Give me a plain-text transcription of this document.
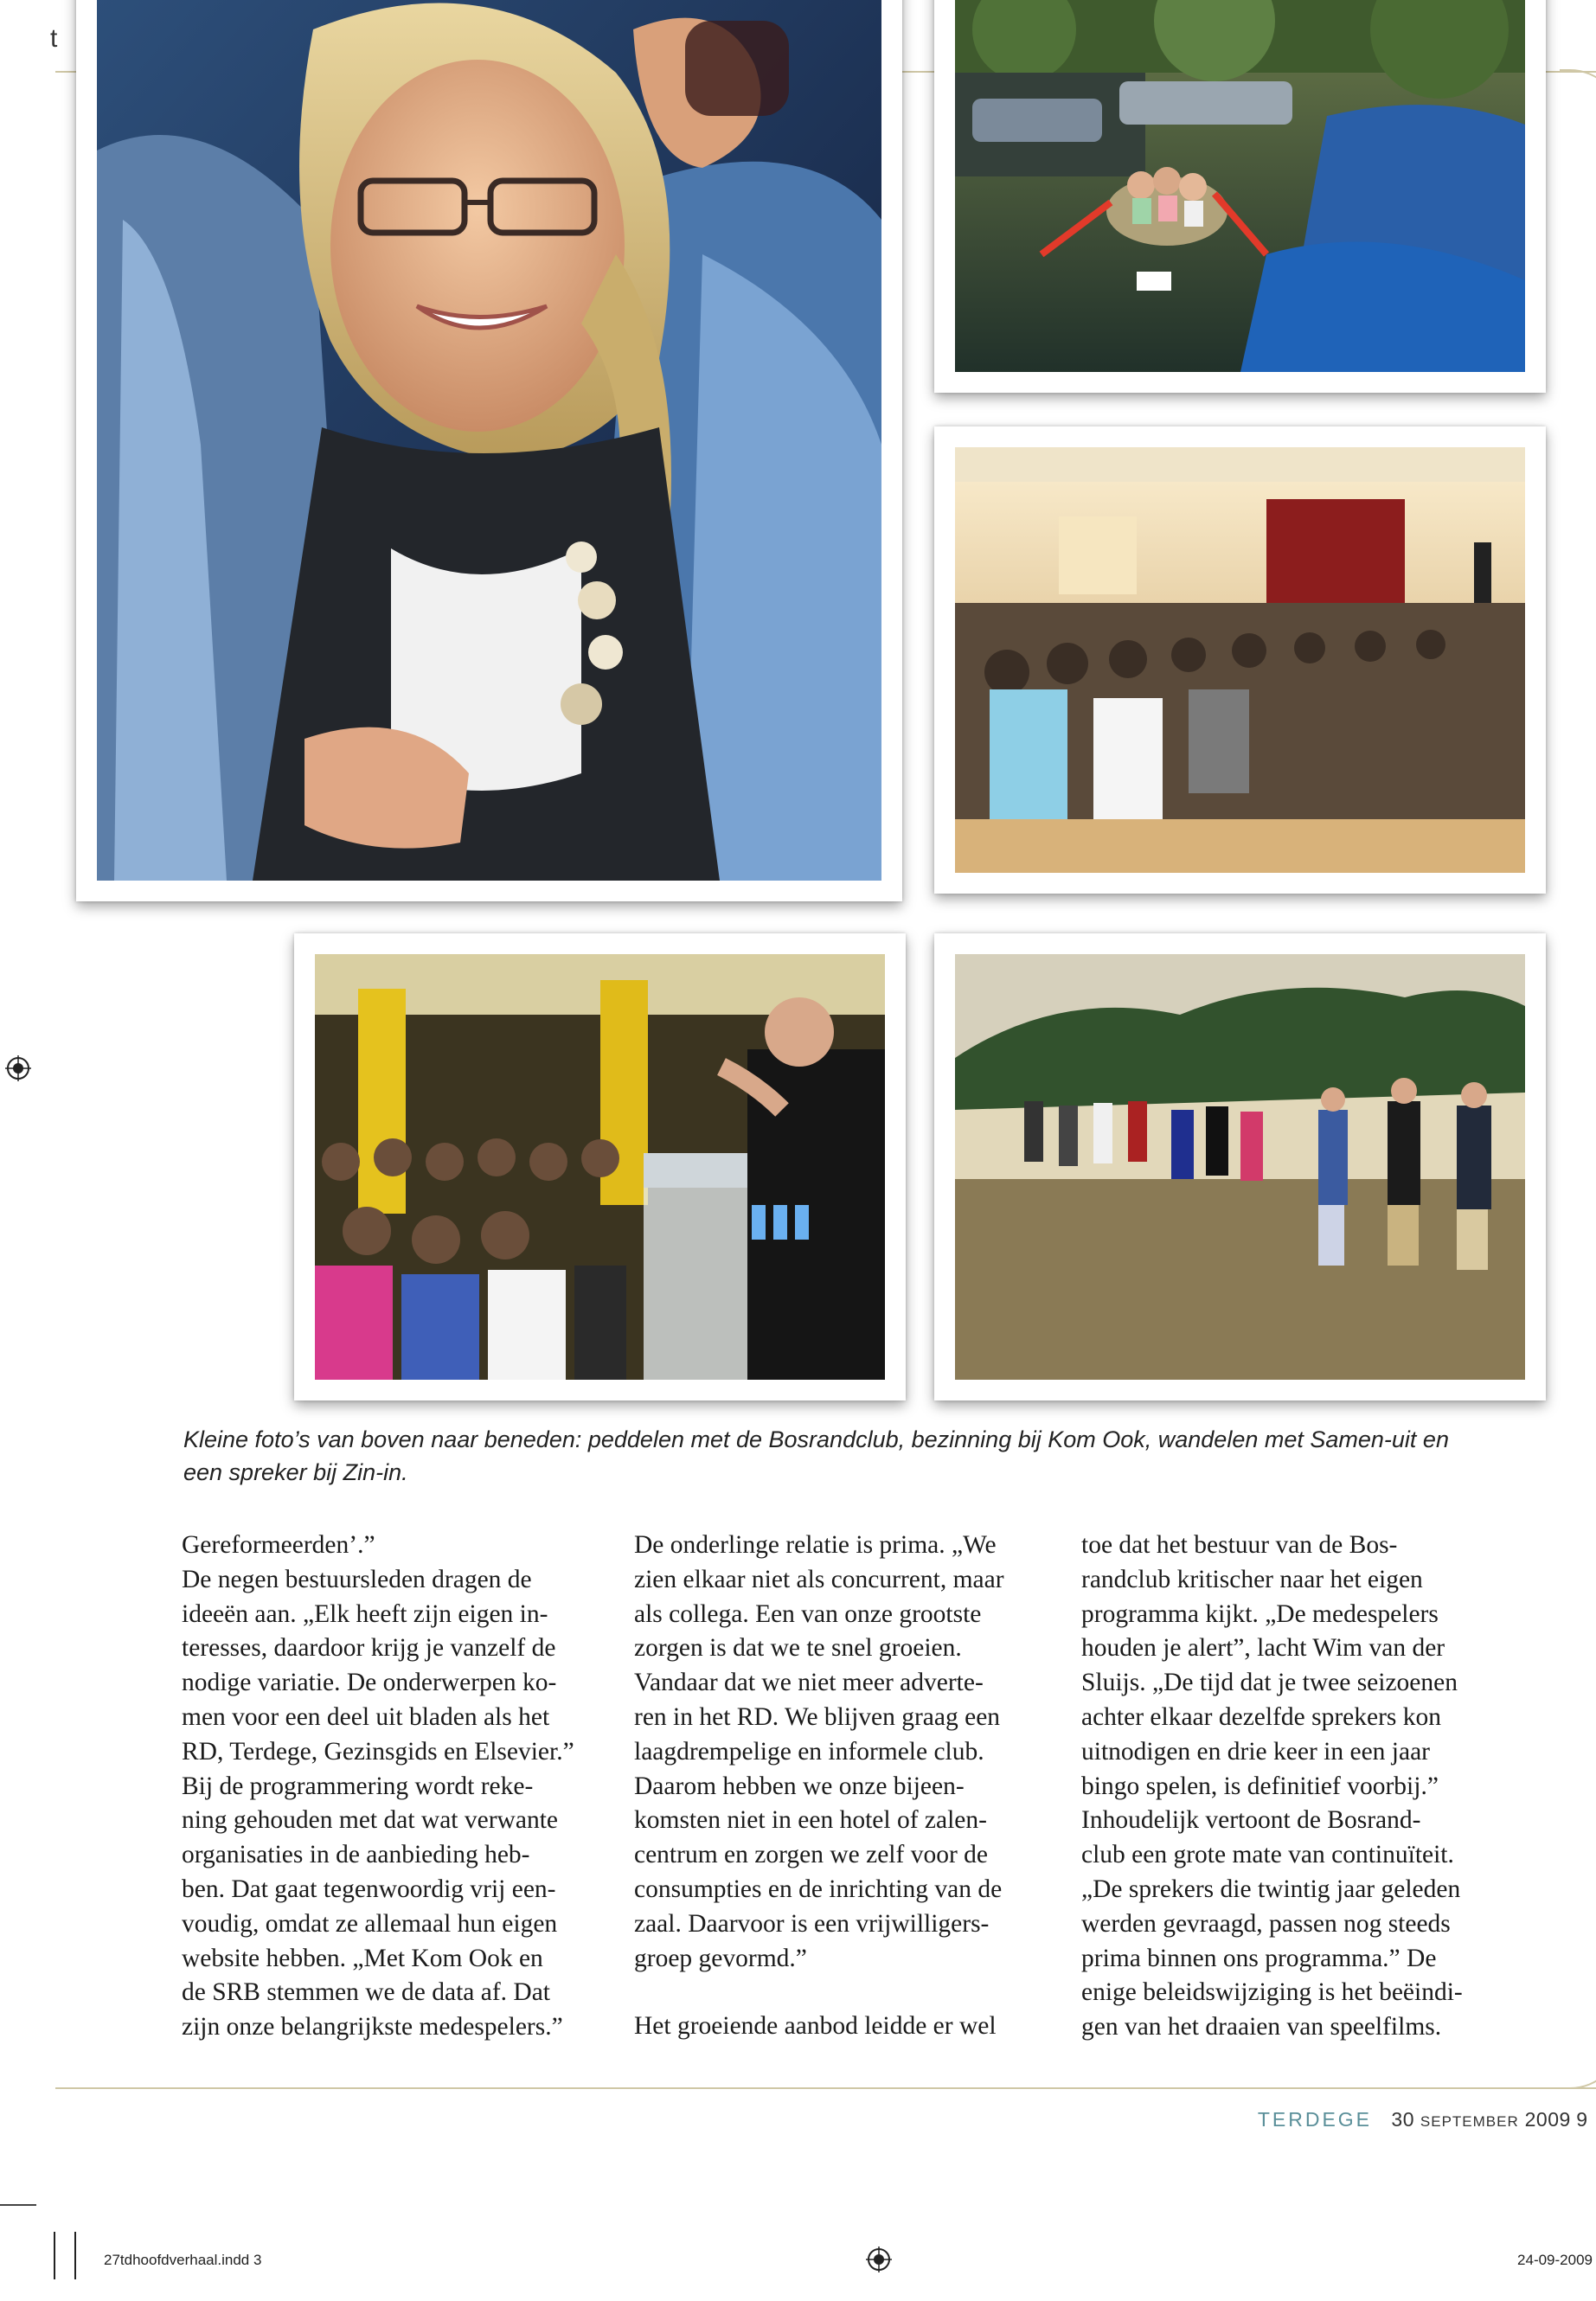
t
Kleine foto’s van boven naar beneden: peddelen met de Bosrandclub, bezinning bij Kom Ook, wandelen met Samen-uit en een spreker bij Zin-in.

Gereformeerden’.”
De negen bestuursleden dragen de
ideeën aan. „Elk heeft zijn eigen in-
teresses, daardoor krijg je vanzelf de
nodige variatie. De onderwerpen ko-
men voor een deel uit bladen als het
RD, Terdege, Gezinsgids en Elsevier.”
Bij de programmering wordt reke-
ning gehouden met dat wat verwante
organisaties in de aanbieding heb-
ben. Dat gaat tegenwoordig vrij een-
voudig, omdat ze allemaal hun eigen
website hebben. „Met Kom Ook en
de SRB stemmen we de data af. Dat
zijn onze belangrijkste medespelers.”

De onderlinge relatie is prima. „We
zien elkaar niet als concurrent, maar
als collega. Een van onze grootste
zorgen is dat we te snel groeien.
Vandaar dat we niet meer adverte-
ren in het RD. We blijven graag een
laagdrempelige en informele club.
Daarom hebben we onze bijeen-
komsten niet in een hotel of zalen-
centrum en zorgen we zelf voor de
consumpties en de inrichting van de
zaal. Daarvoor is een vrijwilligers-
groep gevormd.”

Het groeiende aanbod leidde er wel

toe dat het bestuur van de Bos-
randclub kritischer naar het eigen
programma kijkt. „De medespelers
houden je alert”, lacht Wim van der
Sluijs. „De tijd dat je twee seizoenen
achter elkaar dezelfde sprekers kon
uitnodigen en drie keer in een jaar
bingo spelen, is definitief voorbij.”
Inhoudelijk vertoont de Bosrand-
club een grote mate van continuïteit.
„De sprekers die twintig jaar geleden
werden gevraagd, passen nog steeds
prima binnen ons programma.” De
enige beleidswijziging is het beëindi-
gen van het draaien van speelfilms.

TERDEGE 30 SEPTEMBER 2009 9
27tdhoofdverhaal.indd 3	24-09-2009
